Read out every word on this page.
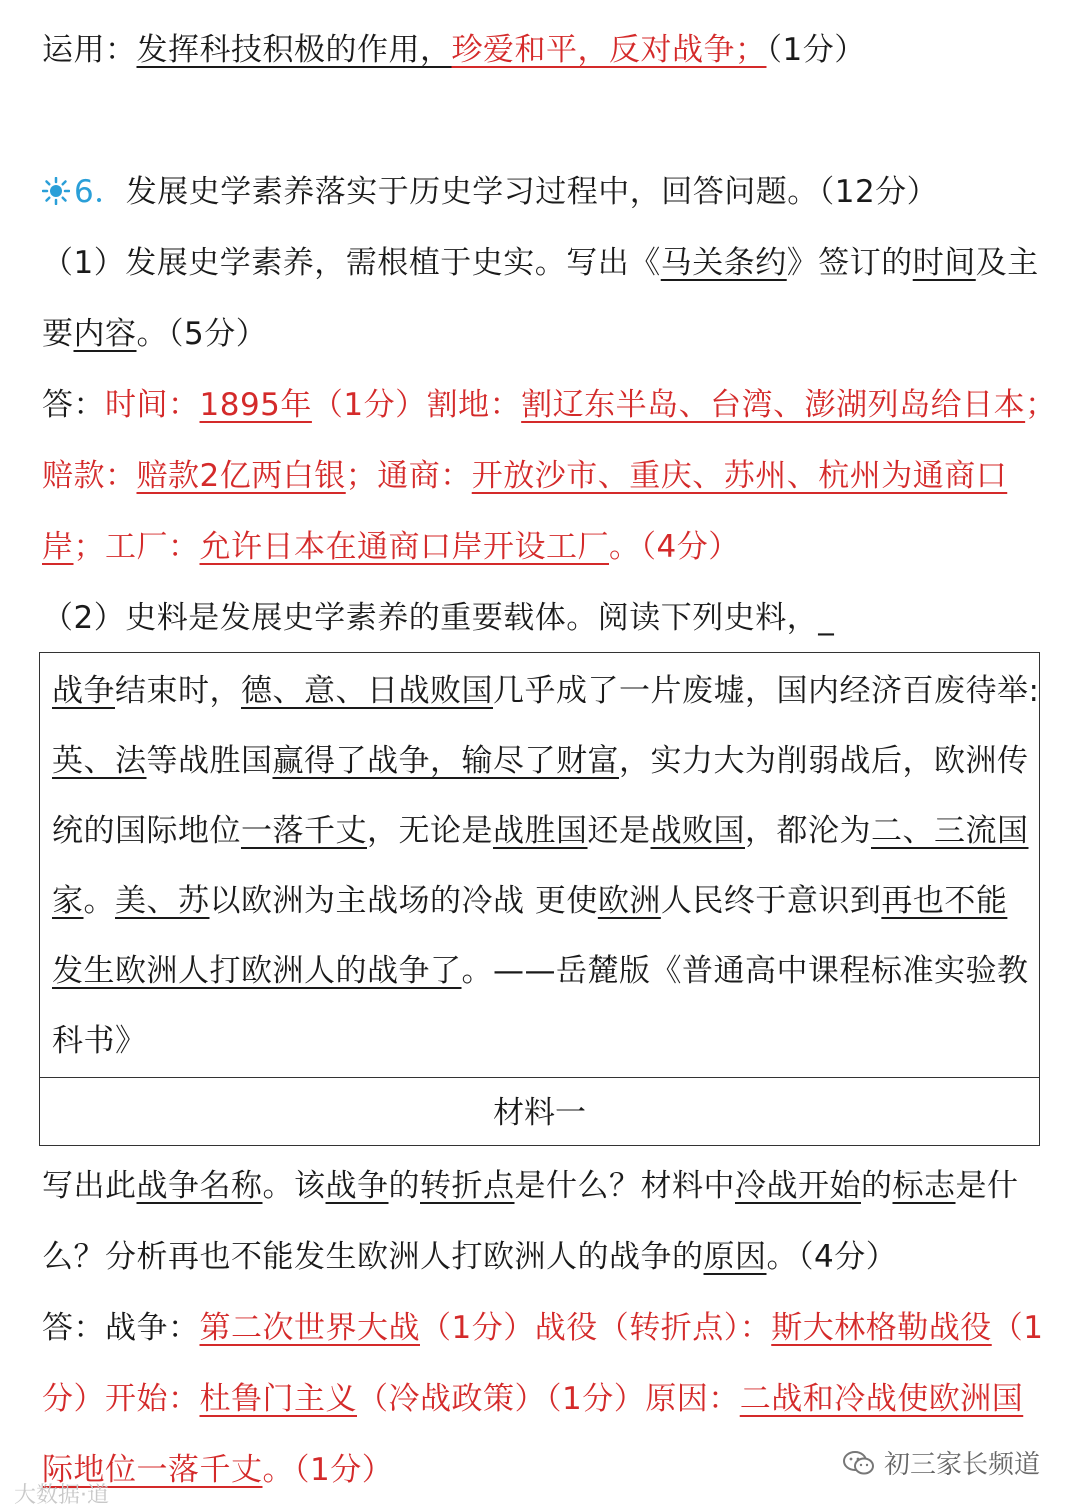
运用：发挥科技积极的作用，珍爱和平，反对战争；（1分）
6．发展史学素养落实于历史学习过程中，回答问题。（12分）
（1）发展史学素养，需根植于史实。写出《马关条约》签订的时间及主
要内容。（5分）
答：时间：1895年（1分）割地：割辽东半岛、台湾、澎湖列岛给日本；
赔款：赔款2亿两白银；通商：开放沙市、重庆、苏州、杭州为通商口
岸；工厂：允许日本在通商口岸开设工厂。（4分）
（2）史料是发展史学素养的重要载体。阅读下列史料，_
战争结束时，德、意、日战败国几乎成了一片废墟，国内经济百废待举:
英、法等战胜国赢得了战争，输尽了财富，实力大为削弱战后，欧洲传
统的国际地位一落千丈，无论是战胜国还是战败国，都沦为二、三流国
家。美、苏以欧洲为主战场的冷战 更使欧洲人民终于意识到再也不能
发生欧洲人打欧洲人的战争了。——岳麓版《普通高中课程标准实验教
科书》
材料一
写出此战争名称。该战争的转折点是什么？材料中冷战开始的标志是什
么？分析再也不能发生欧洲人打欧洲人的战争的原因。（4分）
答：战争：第二次世界大战（1分）战役（转折点）：斯大林格勒战役（1
分）开始：杜鲁门主义（冷战政策）（1分）原因：二战和冷战使欧洲国
际地位一落千丈。（1分）	初三家长频道
大数据·道
